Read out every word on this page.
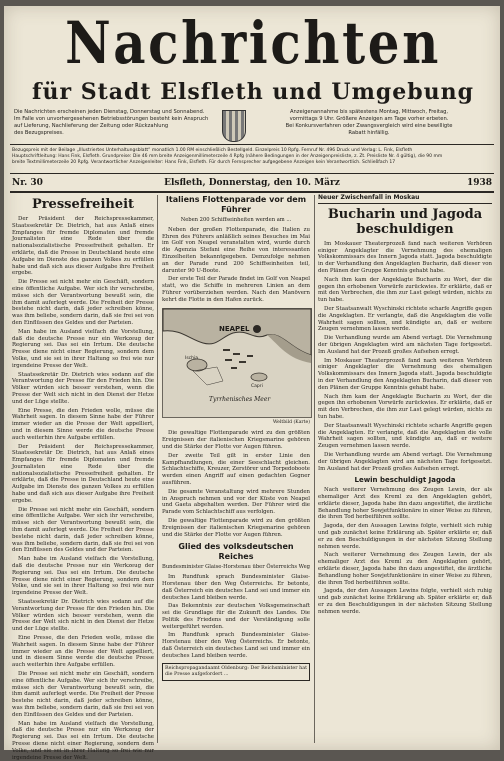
Nachrichten
für Stadt Elsfleth und Umgebung
Die Nachrichten erscheinen jeden Dienstag, Donnerstag und Sonnabend.
Im Falle von unvorhergesehenen Betriebsstörungen besteht kein Anspruch
auf Lieferung, Nachlieferung der Zeitung oder Rückzahlung
des Bezugspreises.
Anzeigenannahme bis spätestens Montag, Mittwoch, Freitag,
vormittags 9 Uhr. Größere Anzeigen am Tage vorher erbeten.
Bei Konkursverfahren oder Zwangsvergleich wird eine bewilligte
Rabatt hinfällig.
Bezugspreis mit der Beilage „Illustriertes Unterhaltungsblatt“ monatlich 1.00 RM einschließlich Bestellgeld. Einzelpreis 10 Rpfg. Fernruf Nr. 496 Druck und Verlag: L. Fink, Elsfleth
Hauptschriftleitung: Hans Fink, Elsfleth. Grundpreise: Die 46 mm breite Anzeigenmillimeterzeile 4 Rpfg (nähere Bedingungen in der Anzeigenpreisliste, z. Zt. Preisliste Nr. 4 gültig), die 90 mm
breite Textmillimeterzeile 20 Rpfg. Verantwortlicher Anzeigenleiter: Hans Fink, Elsfleth. Für durch Fernsprecher aufgegebene Anzeigen kein Verantwortlich. Schließfach 17
Nr. 30	Elsfleth, Donnerstag, den 10. März	1938
Pressefreiheit
Der Präsident der Reichspressekammer, Staatssekretär Dr. Dietrich, hat aus Anlaß eines Empfanges für fremde Diplomaten und fremde Journalisten eine Rede über die nationalsozialistische Pressefreiheit gehalten. Er erklärte, daß die Presse in Deutschland heute eine Aufgabe im Dienste des ganzen Volkes zu erfüllen habe und daß sich aus dieser Aufgabe ihre Freiheit ergebe.
Die Presse sei nicht mehr ein Geschäft, sondern eine öffentliche Aufgabe. Wer sich ihr verschreibe, müsse sich der Verantwortung bewußt sein, die ihm damit auferlegt werde. Die Freiheit der Presse bestehe nicht darin, daß jeder schreiben könne, was ihm beliebe, sondern darin, daß sie frei sei von den Einflüssen des Geldes und der Parteien.
Man habe im Ausland vielfach die Vorstellung, daß die deutsche Presse nur ein Werkzeug der Regierung sei. Das sei ein Irrtum. Die deutsche Presse diene nicht einer Regierung, sondern dem Volke, und sie sei in ihrer Haltung so frei wie nur irgendeine Presse der Welt.
Staatssekretär Dr. Dietrich wies sodann auf die Verantwortung der Presse für den Frieden hin. Die Völker würden sich besser verstehen, wenn die Presse der Welt sich nicht in den Dienst der Hetze und der Lüge stellte.
Eine Presse, die den Frieden wolle, müsse die Wahrheit sagen. In diesem Sinne habe der Führer immer wieder an die Presse der Welt appelliert, und in diesem Sinne werde die deutsche Presse auch weiterhin ihre Aufgabe erfüllen.
Der Präsident der Reichspressekammer, Staatssekretär Dr. Dietrich, hat aus Anlaß eines Empfanges für fremde Diplomaten und fremde Journalisten eine Rede über die nationalsozialistische Pressefreiheit gehalten. Er erklärte, daß die Presse in Deutschland heute eine Aufgabe im Dienste des ganzen Volkes zu erfüllen habe und daß sich aus dieser Aufgabe ihre Freiheit ergebe.
Die Presse sei nicht mehr ein Geschäft, sondern eine öffentliche Aufgabe. Wer sich ihr verschreibe, müsse sich der Verantwortung bewußt sein, die ihm damit auferlegt werde. Die Freiheit der Presse bestehe nicht darin, daß jeder schreiben könne, was ihm beliebe, sondern darin, daß sie frei sei von den Einflüssen des Geldes und der Parteien.
Man habe im Ausland vielfach die Vorstellung, daß die deutsche Presse nur ein Werkzeug der Regierung sei. Das sei ein Irrtum. Die deutsche Presse diene nicht einer Regierung, sondern dem Volke, und sie sei in ihrer Haltung so frei wie nur irgendeine Presse der Welt.
Staatssekretär Dr. Dietrich wies sodann auf die Verantwortung der Presse für den Frieden hin. Die Völker würden sich besser verstehen, wenn die Presse der Welt sich nicht in den Dienst der Hetze und der Lüge stellte.
Eine Presse, die den Frieden wolle, müsse die Wahrheit sagen. In diesem Sinne habe der Führer immer wieder an die Presse der Welt appelliert, und in diesem Sinne werde die deutsche Presse auch weiterhin ihre Aufgabe erfüllen.
Die Presse sei nicht mehr ein Geschäft, sondern eine öffentliche Aufgabe. Wer sich ihr verschreibe, müsse sich der Verantwortung bewußt sein, die ihm damit auferlegt werde. Die Freiheit der Presse bestehe nicht darin, daß jeder schreiben könne, was ihm beliebe, sondern darin, daß sie frei sei von den Einflüssen des Geldes und der Parteien.
Man habe im Ausland vielfach die Vorstellung, daß die deutsche Presse nur ein Werkzeug der Regierung sei. Das sei ein Irrtum. Die deutsche Presse diene nicht einer Regierung, sondern dem Volke, und sie sei in ihrer Haltung so frei wie nur irgendeine Presse der Welt.
Italiens Flottenparade vor dem Führer
Neben 200 Schiffseinheiten werden am ...
Neben der großen Flottenparade, die Italien zu Ehren des Führers anläßlich seines Besuches im Mai im Golf von Neapel veranstalten wird, wurde durch die Agenzia Stefani eine Reihe von interessanten Einzelheiten bekanntgegeben. Demzufolge nehmen an der Parade rund 200 Schiffseinheiten teil, darunter 90 U-Boote.
Der erste Teil der Parade findet im Golf von Neapel statt, wo die Schiffe in mehreren Linien an dem Führer vorüberziehen werden. Nach den Manövern kehrt die Flotte in den Hafen zurück.
NEAPEL
Tyrrhenisches Meer
Capri
Ischia
Weltbild (Karte)
Die gewaltige Flottenparade wird zu den größten Ereignissen der italienischen Kriegsmarine gehören und die Stärke der Flotte vor Augen führen.
Der zweite Teil gilt in erster Linie den Kampfhandlungen, die einer Seeschlacht gleichen. Schlachtschiffe, Kreuzer, Zerstörer und Torpedoboote werden einen Angriff auf einen gedachten Gegner ausführen.
Die gesamte Veranstaltung wird mehrere Stunden in Anspruch nehmen und vor der Küste von Neapel und Gaeta abgehalten werden. Der Führer wird die Parade vom Schlachtschiff aus verfolgen.
Die gewaltige Flottenparade wird zu den größten Ereignissen der italienischen Kriegsmarine gehören und die Stärke der Flotte vor Augen führen.
Glied des volksdeutschen Reiches
Bundesminister Glaise-Horstenau über Österreichs Weg
Im Rundfunk sprach Bundesminister Glaise-Horstenau über den Weg Österreichs. Er betonte, daß Österreich ein deutsches Land sei und immer ein deutsches Land bleiben werde.
Das Bekenntnis zur deutschen Volksgemeinschaft sei die Grundlage für die Zukunft des Landes. Die Politik des Friedens und der Verständigung solle weitergeführt werden.
Im Rundfunk sprach Bundesminister Glaise-Horstenau über den Weg Österreichs. Er betonte, daß Österreich ein deutsches Land sei und immer ein deutsches Land bleiben werde.
Reichspropagandaamt Oldenburg: Der Reichsminister hat die Presse aufgefordert ...
Neuer Zwischenfall in Moskau
Bucharin und Jagoda beschuldigen
Im Moskauer Theaterprozeß fand nach weiteren Verhören einiger Angeklagter die Vernehmung des ehemaligen Volkskommissars des Innern Jagoda statt. Jagoda beschuldigte in der Verhandlung den Angeklagten Bucharin, daß dieser von den Plänen der Gruppe Kenntnis gehabt habe.
Nach ihm kam der Angeklagte Bucharin zu Wort, der die gegen ihn erhobenen Vorwürfe zurückwies. Er erklärte, daß er mit den Verbrechen, die ihm zur Last gelegt würden, nichts zu tun habe.
Der Staatsanwalt Wyschinski richtete scharfe Angriffe gegen die Angeklagten. Er verlangte, daß die Angeklagten die volle Wahrheit sagen sollten, und kündigte an, daß er weitere Zeugen vernehmen lassen werde.
Die Verhandlung wurde am Abend vertagt. Die Vernehmung der übrigen Angeklagten wird am nächsten Tage fortgesetzt. Im Ausland hat der Prozeß großes Aufsehen erregt.
Im Moskauer Theaterprozeß fand nach weiteren Verhören einiger Angeklagter die Vernehmung des ehemaligen Volkskommissars des Innern Jagoda statt. Jagoda beschuldigte in der Verhandlung den Angeklagten Bucharin, daß dieser von den Plänen der Gruppe Kenntnis gehabt habe.
Nach ihm kam der Angeklagte Bucharin zu Wort, der die gegen ihn erhobenen Vorwürfe zurückwies. Er erklärte, daß er mit den Verbrechen, die ihm zur Last gelegt würden, nichts zu tun habe.
Der Staatsanwalt Wyschinski richtete scharfe Angriffe gegen die Angeklagten. Er verlangte, daß die Angeklagten die volle Wahrheit sagen sollten, und kündigte an, daß er weitere Zeugen vernehmen lassen werde.
Die Verhandlung wurde am Abend vertagt. Die Vernehmung der übrigen Angeklagten wird am nächsten Tage fortgesetzt. Im Ausland hat der Prozeß großes Aufsehen erregt.
Lewin beschuldigt Jagoda
Nach weiterer Vernehmung des Zeugen Lewin, der als ehemaliger Arzt des Kreml zu den Angeklagten gehört, erklärte dieser, Jagoda habe ihn dazu angestiftet, die ärztliche Behandlung hoher Sowjetfunktionäre in einer Weise zu führen, die ihren Tod herbeiführen sollte.
Jagoda, der den Aussagen Lewins folgte, verhielt sich ruhig und gab zunächst keine Erklärung ab. Später erklärte er, daß er zu den Beschuldigungen in der nächsten Sitzung Stellung nehmen werde.
Nach weiterer Vernehmung des Zeugen Lewin, der als ehemaliger Arzt des Kreml zu den Angeklagten gehört, erklärte dieser, Jagoda habe ihn dazu angestiftet, die ärztliche Behandlung hoher Sowjetfunktionäre in einer Weise zu führen, die ihren Tod herbeiführen sollte.
Jagoda, der den Aussagen Lewins folgte, verhielt sich ruhig und gab zunächst keine Erklärung ab. Später erklärte er, daß er zu den Beschuldigungen in der nächsten Sitzung Stellung nehmen werde.
